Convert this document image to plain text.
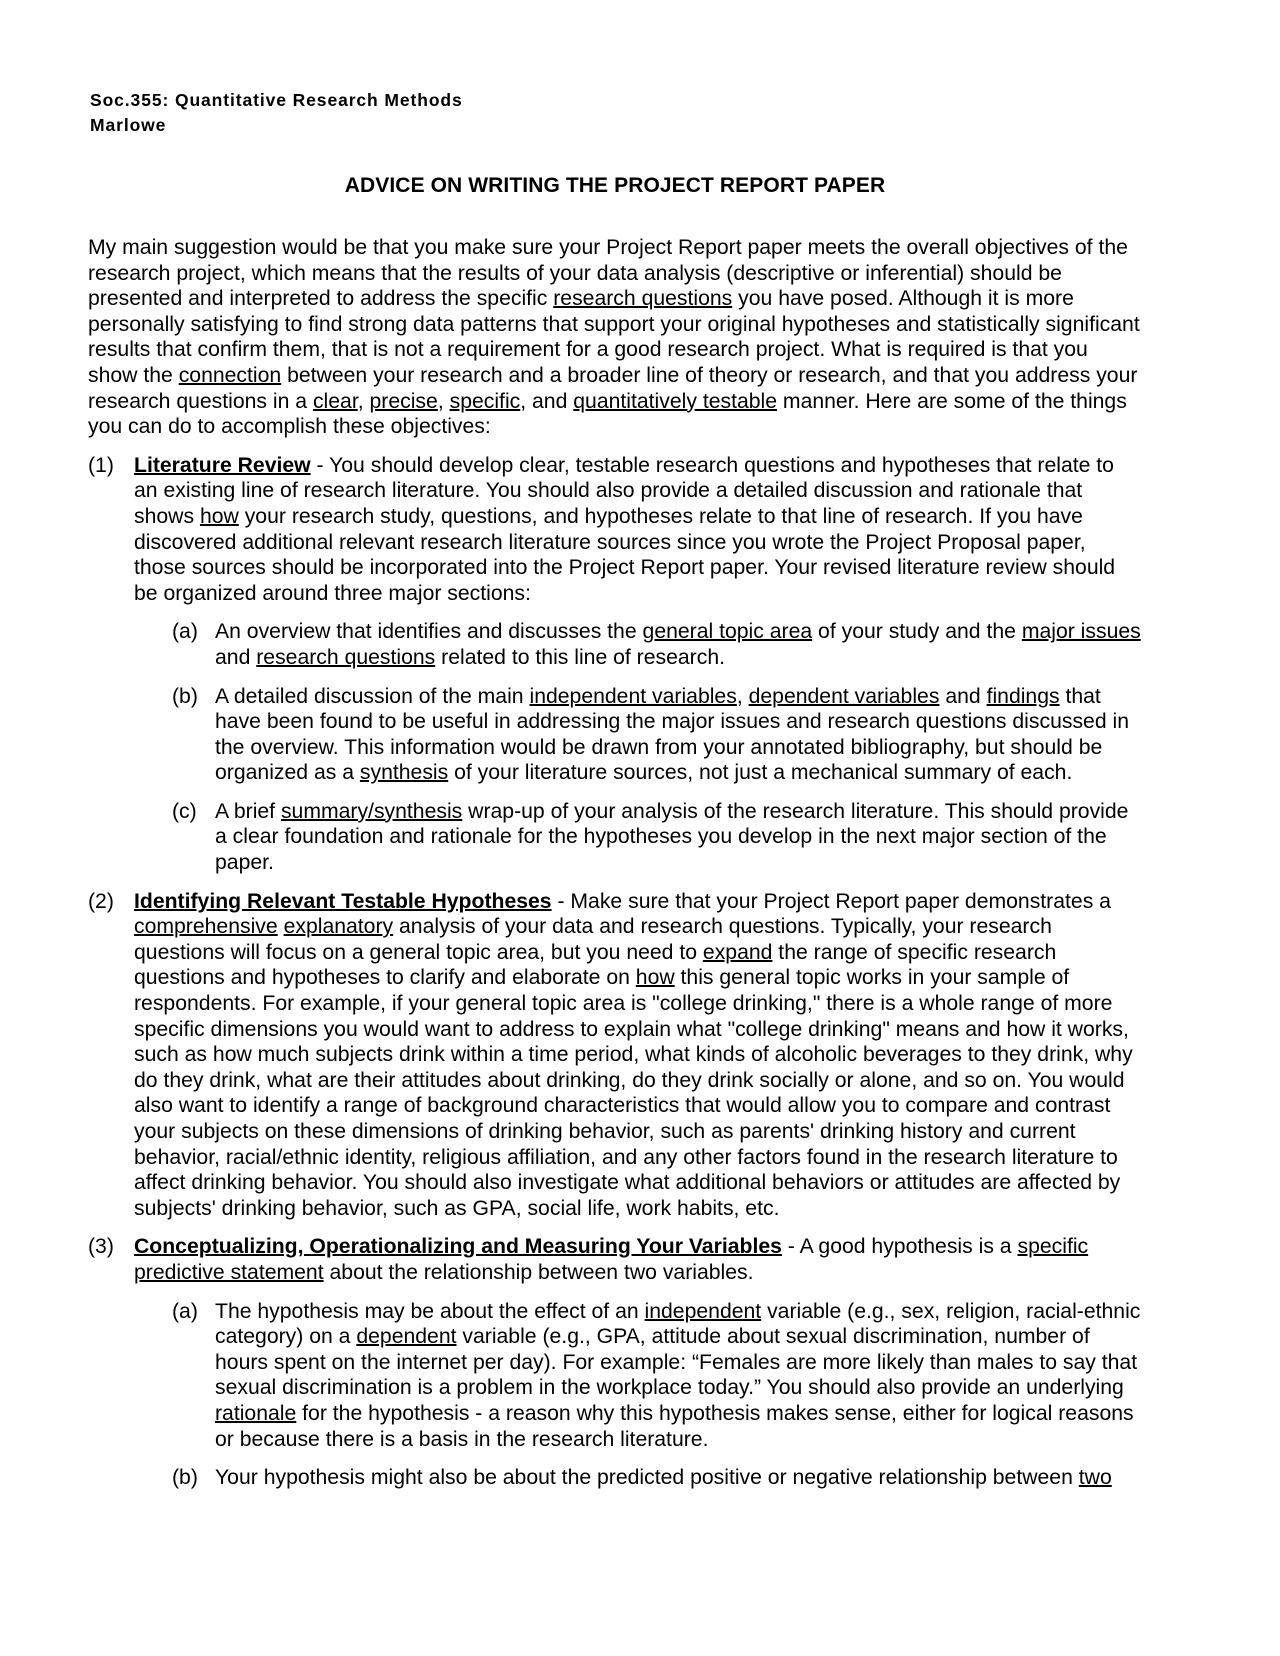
Soc.355: Quantitative Research Methods
Marlowe
ADVICE ON WRITING THE PROJECT REPORT PAPER

My main suggestion would be that you make sure your Project Report paper meets the overall objectives of the research project, which means that the results of your data analysis (descriptive or inferential) should be presented and interpreted to address the specific research questions you have posed. Although it is more personally satisfying to find strong data patterns that support your original hypotheses and statistically significant results that confirm them, that is not a requirement for a good research project. What is required is that you show the connection between your research and a broader line of theory or research, and that you address your research questions in a clear, precise, specific, and quantitatively testable manner. Here are some of the things you can do to accomplish these objectives:

(1) Literature Review - You should develop clear, testable research questions and hypotheses that relate to an existing line of research literature. You should also provide a detailed discussion and rationale that shows how your research study, questions, and hypotheses relate to that line of research. If you have discovered additional relevant research literature sources since you wrote the Project Proposal paper, those sources should be incorporated into the Project Report paper. Your revised literature review should be organized around three major sections:
(a) An overview that identifies and discusses the general topic area of your study and the major issues and research questions related to this line of research.
(b) A detailed discussion of the main independent variables, dependent variables and findings that have been found to be useful in addressing the major issues and research questions discussed in the overview. This information would be drawn from your annotated bibliography, but should be organized as a synthesis of your literature sources, not just a mechanical summary of each.
(c) A brief summary/synthesis wrap-up of your analysis of the research literature. This should provide a clear foundation and rationale for the hypotheses you develop in the next major section of the paper.
(2) Identifying Relevant Testable Hypotheses - Make sure that your Project Report paper demonstrates a comprehensive explanatory analysis of your data and research questions. Typically, your research questions will focus on a general topic area, but you need to expand the range of specific research questions and hypotheses to clarify and elaborate on how this general topic works in your sample of respondents. For example, if your general topic area is "college drinking," there is a whole range of more specific dimensions you would want to address to explain what "college drinking" means and how it works, such as how much subjects drink within a time period, what kinds of alcoholic beverages to they drink, why do they drink, what are their attitudes about drinking, do they drink socially or alone, and so on. You would also want to identify a range of background characteristics that would allow you to compare and contrast your subjects on these dimensions of drinking behavior, such as parents' drinking history and current behavior, racial/ethnic identity, religious affiliation, and any other factors found in the research literature to affect drinking behavior. You should also investigate what additional behaviors or attitudes are affected by subjects' drinking behavior, such as GPA, social life, work habits, etc.
(3) Conceptualizing, Operationalizing and Measuring Your Variables - A good hypothesis is a specific predictive statement about the relationship between two variables.
(a) The hypothesis may be about the effect of an independent variable (e.g., sex, religion, racial-ethnic category) on a dependent variable (e.g., GPA, attitude about sexual discrimination, number of hours spent on the internet per day). For example: “Females are more likely than males to say that sexual discrimination is a problem in the workplace today.” You should also provide an underlying rationale for the hypothesis - a reason why this hypothesis makes sense, either for logical reasons or because there is a basis in the research literature.
(b) Your hypothesis might also be about the predicted positive or negative relationship between two
